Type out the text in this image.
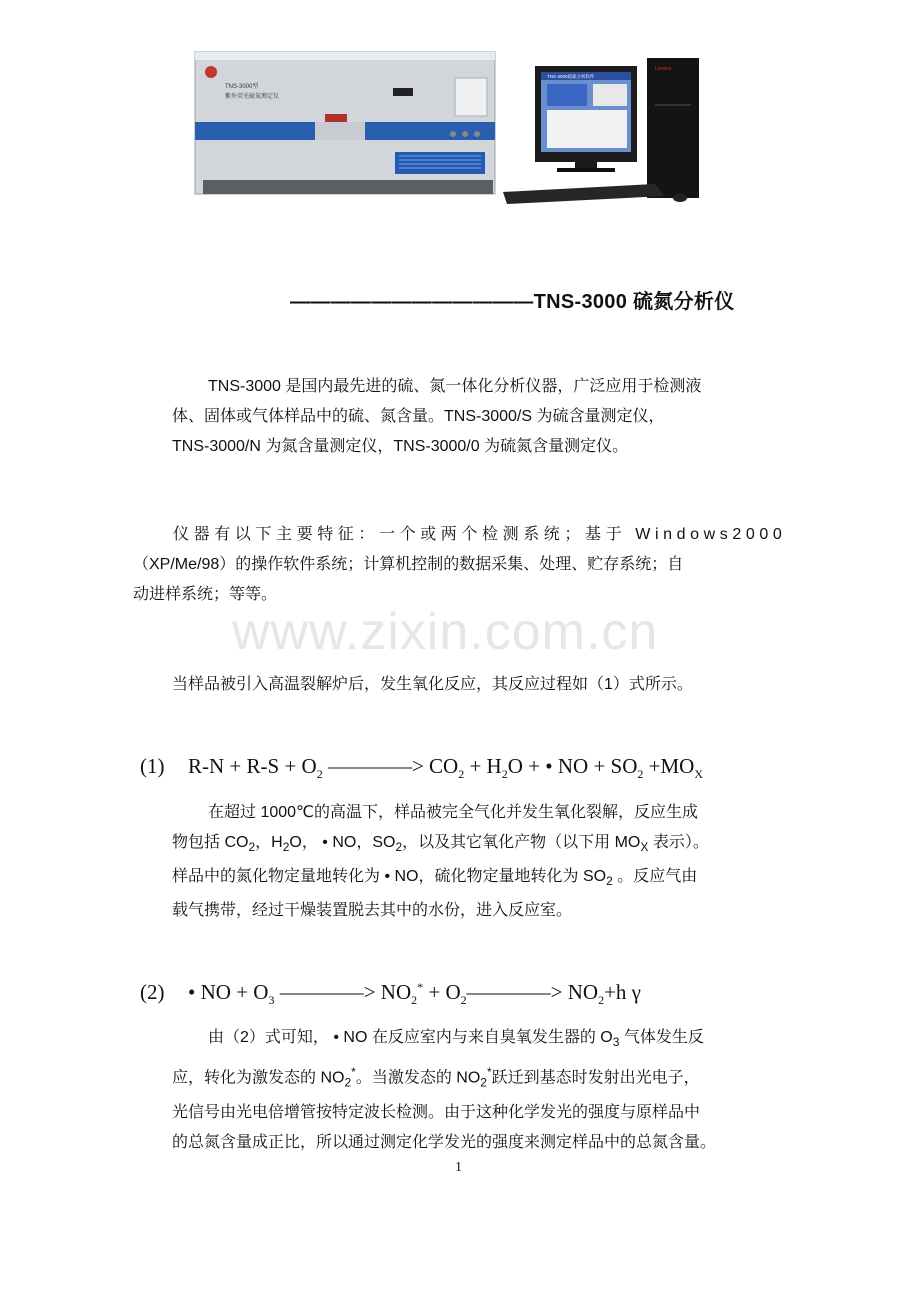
TNS-3000型
紫外荧光硫氮测定仪
TNS-3000硫氮分析软件
Lenovo
————————————TNS-3000 硫氮分析仪
TNS-3000 是国内最先进的硫、氮一体化分析仪器，广泛应用于检测液
体、固体或气体样品中的硫、氮含量。TNS-3000/S 为硫含量测定仪，
TNS-3000/N 为氮含量测定仪，TNS-3000/0 为硫氮含量测定仪。
仪器有以下主要特征：一个或两个检测系统；基于 Windows2000
（XP/Me/98）的操作软件系统；计算机控制的数据采集、处理、贮存系统；自
动进样系统；等等。
www.zixin.com.cn
当样品被引入高温裂解炉后，发生氧化反应，其反应过程如（1）式所示。
(1) $R-N + R-S + O_2$ ————> $CO_2 + H_2O$ + • NO + $SO_2 +MO_X$
在超过 1000℃的高温下，样品被完全气化并发生氧化裂解，反应生成
物包括 $CO_2$，$H_2O$， • NO，$SO_2$，以及其它氧化产物（以下用 $MO_X$ 表示）。
样品中的氮化物定量地转化为 • NO，硫化物定量地转化为 $SO_2$ 。反应气由
载气携带，经过干燥装置脱去其中的水份，进入反应室。
(2) • NO + $O_3$ ————> $NO_2^*$ + $O_2————> NO_2+h$ γ
由（2）式可知， • NO 在反应室内与来自臭氧发生器的 $O_3$ 气体发生反
应，转化为激发态的 $NO_2^*$。当激发态的 $NO_2^*$跃迁到基态时发射出光电子，
光信号由光电倍增管按特定波长检测。由于这种化学发光的强度与原样品中
的总氮含量成正比，所以通过测定化学发光的强度来测定样品中的总氮含量。
1
